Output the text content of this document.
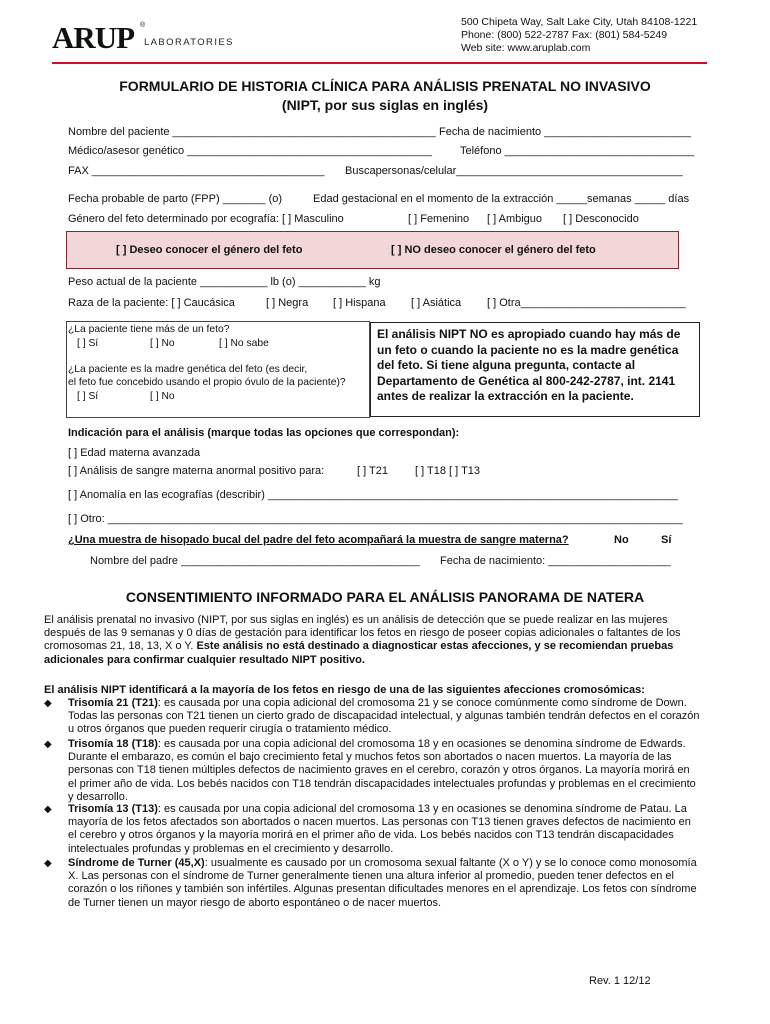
ARUP ®
LABORATORIES
500 Chipeta Way, Salt Lake City, Utah 84108-1221
Phone: (800) 522-2787 Fax: (801) 584-5249
Web site: www.aruplab.com
FORMULARIO DE HISTORIA CLÍNICA PARA ANÁLISIS PRENATAL NO INVASIVO
(NIPT, por sus siglas en inglés)
Nombre del paciente ___________________________________________ Fecha de nacimiento ________________________
Médico/asesor genético ________________________________________	Teléfono _______________________________
FAX ______________________________________ Buscapersonas/celular_____________________________________
Fecha probable de parto (FPP) _______ (o)	Edad gestacional en el momento de la extracción _____semanas _____ días
Género del feto determinado por ecografía: [ ] Masculino	[ ] Femenino [ ] Ambiguo [ ] Desconocido
[ ] Deseo conocer el género del feto	[ ] NO deseo conocer el género del feto
Peso actual de la paciente ___________ lb (o) ___________ kg
Raza de la paciente: [ ] Caucásica	[ ] Negra [ ] Hispana [ ] Asiática [ ] Otra___________________________
¿La paciente tiene más de un feto?
[ ] Sí	[ ] No	[ ] No sabe
¿La paciente es la madre genética del feto (es decir,
el feto fue concebido usando el propio óvulo de la paciente)?
[ ] Sí	[ ] No
El análisis NIPT NO es apropiado cuando hay más de un feto o cuando la paciente no es la madre genética del feto. Si tiene alguna pregunta, contacte al Departamento de Genética al 800-242-2787, int. 2141 antes de realizar la extracción en la paciente.
Indicación para el análisis (marque todas las opciones que correspondan):
[ ] Edad materna avanzada
[ ] Análisis de sangre materna anormal positivo para:	[ ] T21 [ ] T18 [ ] T13
[ ] Anomalía en las ecografías (describir) ___________________________________________________________________
[ ] Otro: ______________________________________________________________________________________________
¿Una muestra de hisopado bucal del padre del feto acompañará la muestra de sangre materna?	No	Sí
Nombre del padre _______________________________________ Fecha de nacimiento: ____________________
CONSENTIMIENTO INFORMADO PARA EL ANÁLISIS PANORAMA DE NATERA
El análisis prenatal no invasivo (NIPT, por sus siglas en inglés) es un análisis de detección que se puede realizar en las mujeres después de las 9 semanas y 0 días de gestación para identificar los fetos en riesgo de poseer copias adicionales o faltantes de los cromosomas 21, 18, 13, X o Y. Este análisis no está destinado a diagnosticar estas afecciones, y se recomiendan pruebas adicionales para confirmar cualquier resultado NIPT positivo.
El análisis NIPT identificará a la mayoría de los fetos en riesgo de una de las siguientes afecciones cromosómicas:
◆ Trisomía 21 (T21): es causada por una copia adicional del cromosoma 21 y se conoce comúnmente como síndrome de Down. Todas las personas con T21 tienen un cierto grado de discapacidad intelectual, y algunas también tendrán defectos en el corazón u otros órganos que pueden requerir cirugía o tratamiento médico.
◆ Trisomía 18 (T18): es causada por una copia adicional del cromosoma 18 y en ocasiones se denomina síndrome de Edwards. Durante el embarazo, es común el bajo crecimiento fetal y muchos fetos son abortados o nacen muertos. La mayoría de las personas con T18 tienen múltiples defectos de nacimiento graves en el cerebro, corazón y otros órganos. La mayoría morirá en el primer año de vida. Los bebés nacidos con T18 tendrán discapacidades intelectuales profundas y problemas en el crecimiento y desarrollo.
◆ Trisomía 13 (T13): es causada por una copia adicional del cromosoma 13 y en ocasiones se denomina síndrome de Patau. La mayoría de los fetos afectados son abortados o nacen muertos. Las personas con T13 tienen graves defectos de nacimiento en el cerebro y otros órganos y la mayoría morirá en el primer año de vida. Los bebés nacidos con T13 tendrán discapacidades intelectuales profundas y problemas en el crecimiento y desarrollo.
◆ Síndrome de Turner (45,X): usualmente es causado por un cromosoma sexual faltante (X o Y) y se lo conoce como monosomía X. Las personas con el síndrome de Turner generalmente tienen una altura inferior al promedio, pueden tener defectos en el corazón o los riñones y también son infértiles. Algunas presentan dificultades menores en el aprendizaje. Los fetos con síndrome de Turner tienen un mayor riesgo de aborto espontáneo o de nacer muertos.
Rev. 1 12/12
